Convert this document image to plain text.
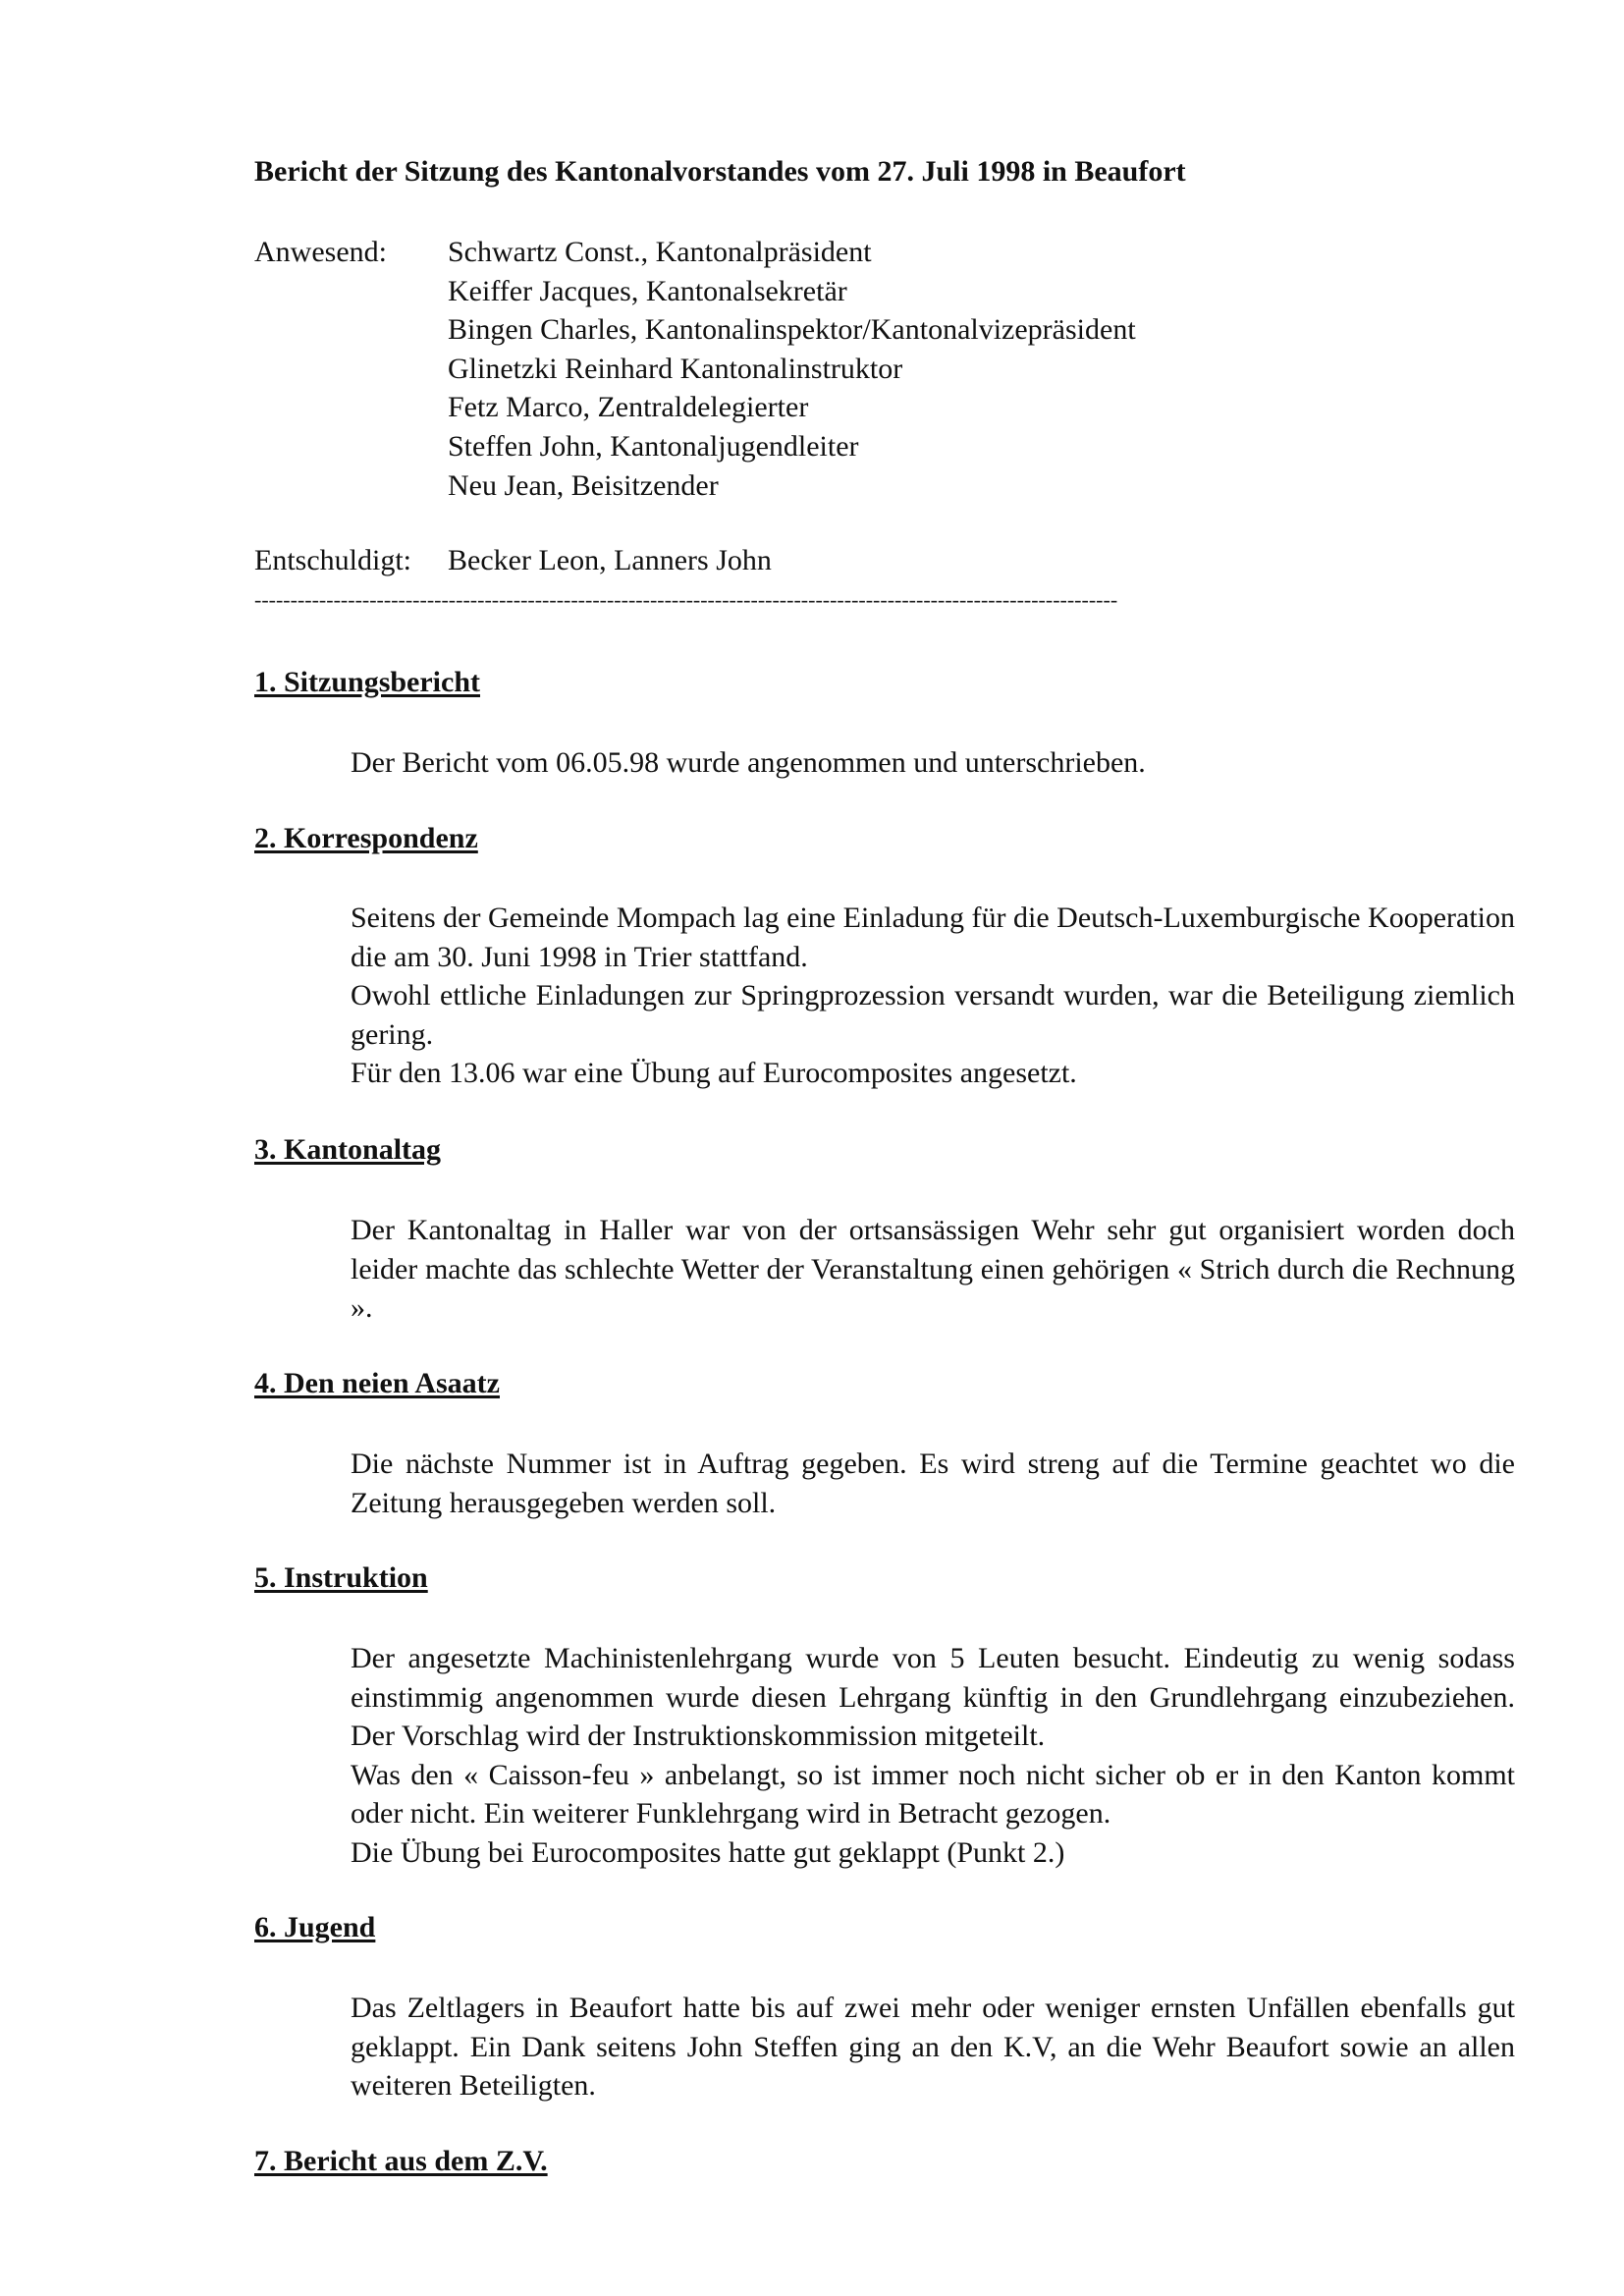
Bericht der Sitzung des Kantonalvorstandes vom 27. Juli 1998 in Beaufort
Anwesend:	Schwartz Const., Kantonalpräsident
Keiffer Jacques, Kantonalsekretär
Bingen Charles, Kantonalinspektor/Kantonalvizepräsident
Glinetzki Reinhard Kantonalinstruktor
Fetz Marco, Zentraldelegierter
Steffen John, Kantonaljugendleiter
Neu Jean, Beisitzender
Entschuldigt:	Becker Leon, Lanners John
------------------------------------------------------------------------------------------------------------------------
1. Sitzungsbericht

Der Bericht vom 06.05.98 wurde angenommen und unterschrieben.

2. Korrespondenz

Seitens der Gemeinde Mompach lag eine Einladung für die Deutsch-Luxemburgische Kooperation die am 30. Juni 1998 in Trier stattfand.

Owohl ettliche Einladungen zur Springprozession versandt wurden, war die Beteiligung ziemlich gering.

Für den 13.06 war eine Übung auf Eurocomposites angesetzt.

3. Kantonaltag

Der Kantonaltag in Haller war von der ortsansässigen Wehr sehr gut organisiert worden doch leider machte das schlechte Wetter der Veranstaltung einen gehörigen « Strich durch die Rechnung ».

4. Den neien Asaatz

Die nächste Nummer ist in Auftrag gegeben. Es wird streng auf die Termine geachtet wo die Zeitung herausgegeben werden soll.

5. Instruktion

Der angesetzte Machinistenlehrgang wurde von 5 Leuten besucht. Eindeutig zu wenig sodass einstimmig angenommen wurde diesen Lehrgang künftig in den Grundlehrgang einzubeziehen. Der Vorschlag wird der Instruktionskommission mitgeteilt.

Was den « Caisson-feu » anbelangt, so ist immer noch nicht sicher ob er in den Kanton kommt oder nicht. Ein weiterer Funklehrgang wird in Betracht gezogen.

Die Übung bei Eurocomposites hatte gut geklappt (Punkt 2.)

6. Jugend

Das Zeltlagers in Beaufort hatte bis auf zwei mehr oder weniger ernsten Unfällen ebenfalls gut geklappt. Ein Dank seitens John Steffen ging an den K.V, an die Wehr Beaufort sowie an allen weiteren Beteiligten.

7. Bericht aus dem Z.V.
